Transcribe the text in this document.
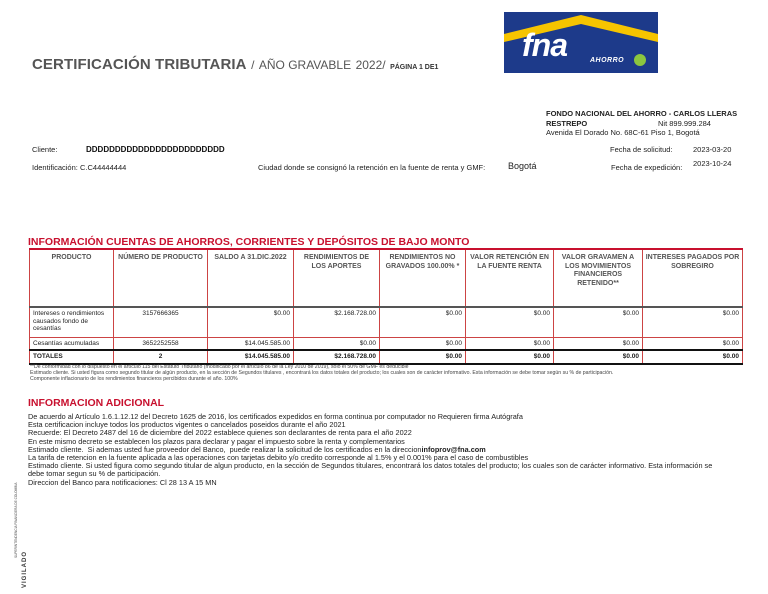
CERTIFICACIÓN TRIBUTARIA / AÑO GRAVABLE 2022/ PÁGINA 1 DE1
fna	AHORRO
FONDO NACIONAL DEL AHORRO - CARLOS LLERAS RESTREPO	Nit 899.999.284
Avenida El Dorado No. 68C-61 Piso 1, Bogotá
Cliente:	DDDDDDDDDDDDDDDDDDDDDDDD
Identificación: C.C44444444	Ciudad donde se consignó la retención en la fuente de renta y GMF:	Bogotá
Fecha de solicitud:	2023-03-20
Fecha de expedición: 2023-10-24
INFORMACIÓN CUENTAS DE AHORROS, CORRIENTES Y DEPÓSITOS DE BAJO MONTO
PRODUCTO	NÚMERO DE PRODUCTO	SALDO A 31.DIC.2022	RENDIMIENTOS DE LOS APORTES	RENDIMIENTOS NO GRAVADOS 100.00% *	VALOR RETENCIÓN EN LA FUENTE RENTA	VALOR GRAVAMEN A LOS MOVIMIENTOS FINANCIEROS RETENIDO**	INTERESES PAGADOS POR SOBREGIRO
Intereses o rendimientos causados fondo de cesantías	3157666365	$0.00	$2.168.728.00	$0.00	$0.00	$0.00	$0.00
Cesantías acumuladas	3652252558	$14.045.585.00	$0.00	$0.00	$0.00	$0.00	$0.00
TOTALES	2	$14.045.585.00	$2.168.728.00	$0.00	$0.00	$0.00	$0.00
**De conformidad con lo dispuesto en el artículo 115 del Estatuto Tributario (modificado por el artículo 86 de la Ley 2010 de 2019), solo el 50% de GMF es deducible
Estimado cliente. Si usted figura como segundo titular de algún producto, en la sección de Segundos titulares , encontrará los datos totales del producto; los cuales son de carácter informativo. Esta información se debe tomar según su % de participación.
Componente inflacionario de los rendimientos financieros percibidos durante el año. 100%
INFORMACION ADICIONAL

De acuerdo al Artículo 1.6.1.12.12 del Decreto 1625 de 2016, los certificados expedidos en forma continua por computador no Requieren firma Autógrafa

Esta certificacion incluye todos los productos vigentes o cancelados poseidos durante el año 2021

Recuerde: El Decreto 2487 del 16 de diciembre del 2022 establece quienes son declarantes de renta para el año 2022

En este mismo decreto se establecen los plazos para declarar y pagar el impuesto sobre la renta y complementarios

Estimado cliente.  Si ademas usted fue proveedor del Banco,  puede realizar la solicitud de los certificados en la direccioninfoprov@fna.com

La tarifa de retencion en la fuente aplicada a las operaciones con tarjetas debito y/o credito corresponde al 1.5% y el 0.001% para el caso de combustibles

Estimado cliente. Si usted figura como segundo titular de algun producto, en la sección de Segundos titulares, encontrará los datos totales del producto; los cuales son de carácter informativo. Esta información se debe tomar segun su % de participación.

Direccion del Banco para notificaciones: Cl 28 13 A 15 MN

SUPERINTENDENCIA FINANCIERA DE COLOMBIA
VIGILADO
